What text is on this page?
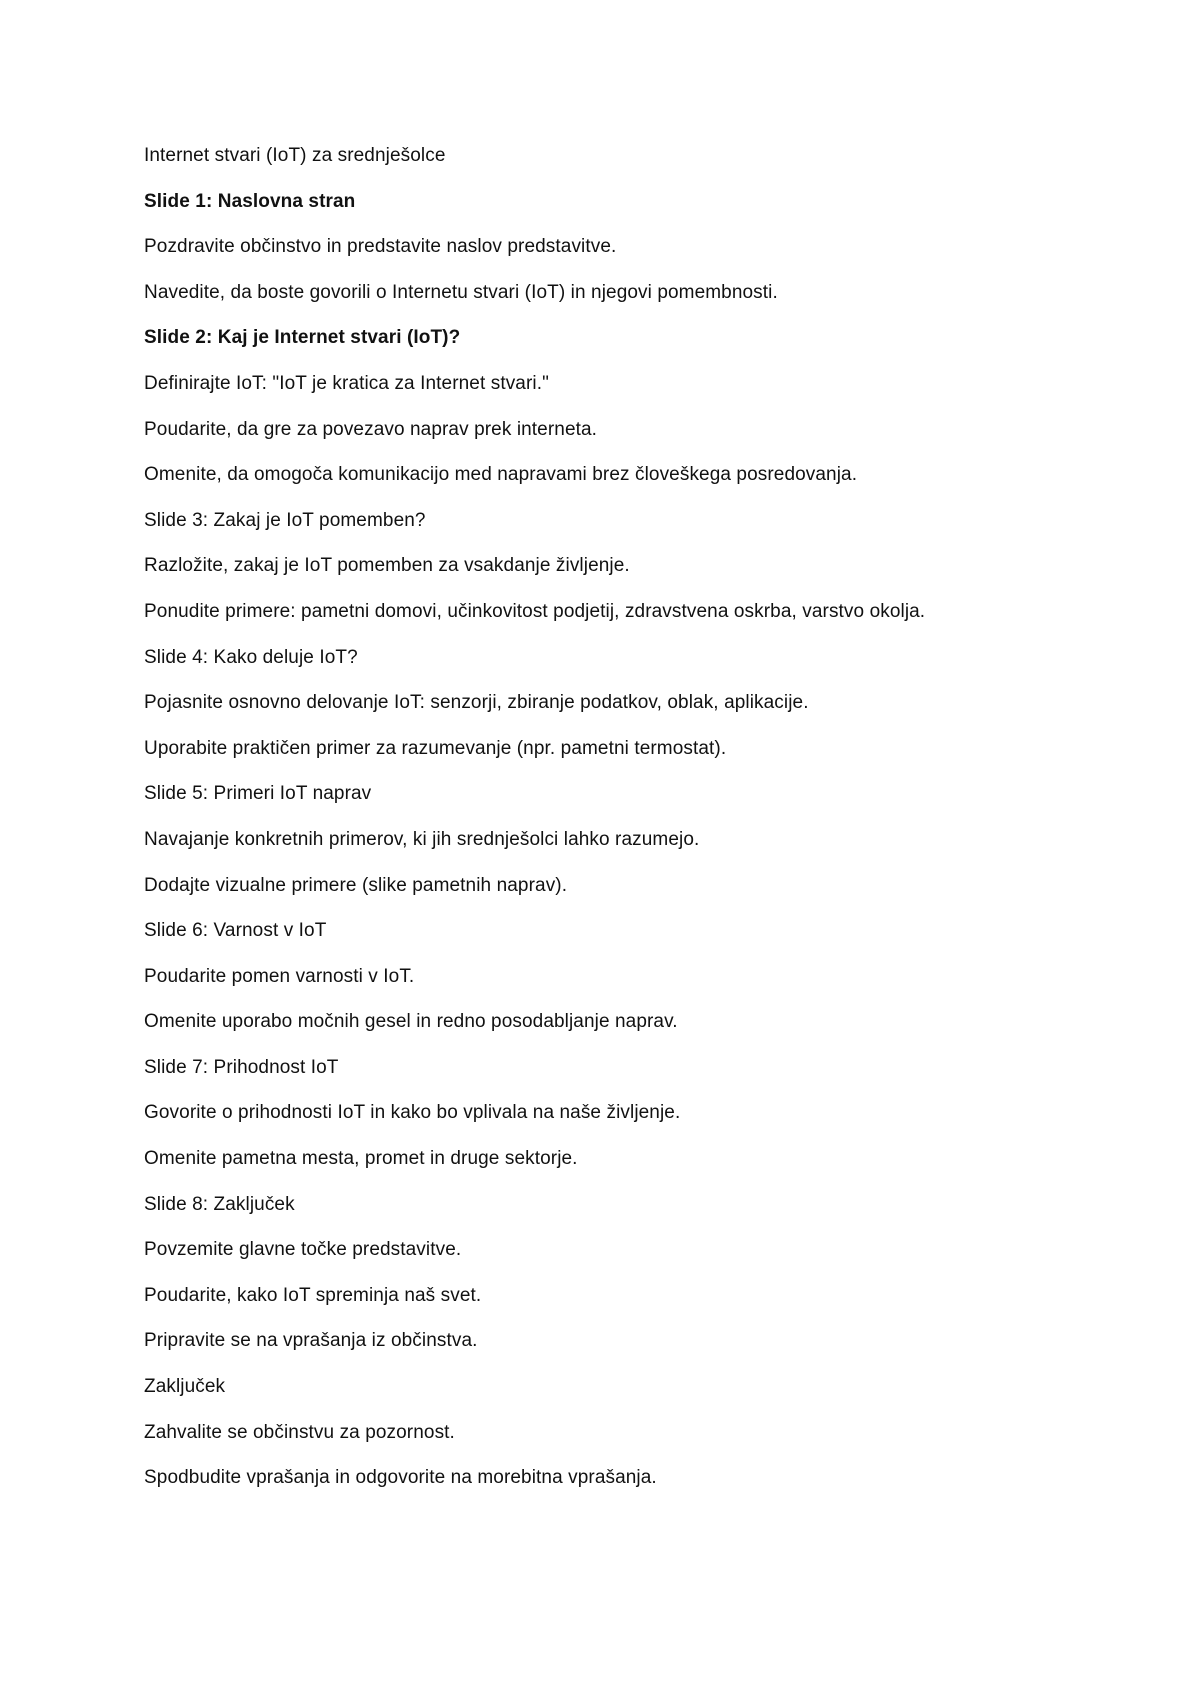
Internet stvari (IoT) za srednješolce

Slide 1: Naslovna stran

Pozdravite občinstvo in predstavite naslov predstavitve.

Navedite, da boste govorili o Internetu stvari (IoT) in njegovi pomembnosti.

Slide 2: Kaj je Internet stvari (IoT)?

Definirajte IoT: "IoT je kratica za Internet stvari."

Poudarite, da gre za povezavo naprav prek interneta.

Omenite, da omogoča komunikacijo med napravami brez človeškega posredovanja.

Slide 3: Zakaj je IoT pomemben?

Razložite, zakaj je IoT pomemben za vsakdanje življenje.

Ponudite primere: pametni domovi, učinkovitost podjetij, zdravstvena oskrba, varstvo okolja.

Slide 4: Kako deluje IoT?

Pojasnite osnovno delovanje IoT: senzorji, zbiranje podatkov, oblak, aplikacije.

Uporabite praktičen primer za razumevanje (npr. pametni termostat).

Slide 5: Primeri IoT naprav

Navajanje konkretnih primerov, ki jih srednješolci lahko razumejo.

Dodajte vizualne primere (slike pametnih naprav).

Slide 6: Varnost v IoT

Poudarite pomen varnosti v IoT.

Omenite uporabo močnih gesel in redno posodabljanje naprav.

Slide 7: Prihodnost IoT

Govorite o prihodnosti IoT in kako bo vplivala na naše življenje.

Omenite pametna mesta, promet in druge sektorje.

Slide 8: Zaključek

Povzemite glavne točke predstavitve.

Poudarite, kako IoT spreminja naš svet.

Pripravite se na vprašanja iz občinstva.

Zaključek

Zahvalite se občinstvu za pozornost.

Spodbudite vprašanja in odgovorite na morebitna vprašanja.
